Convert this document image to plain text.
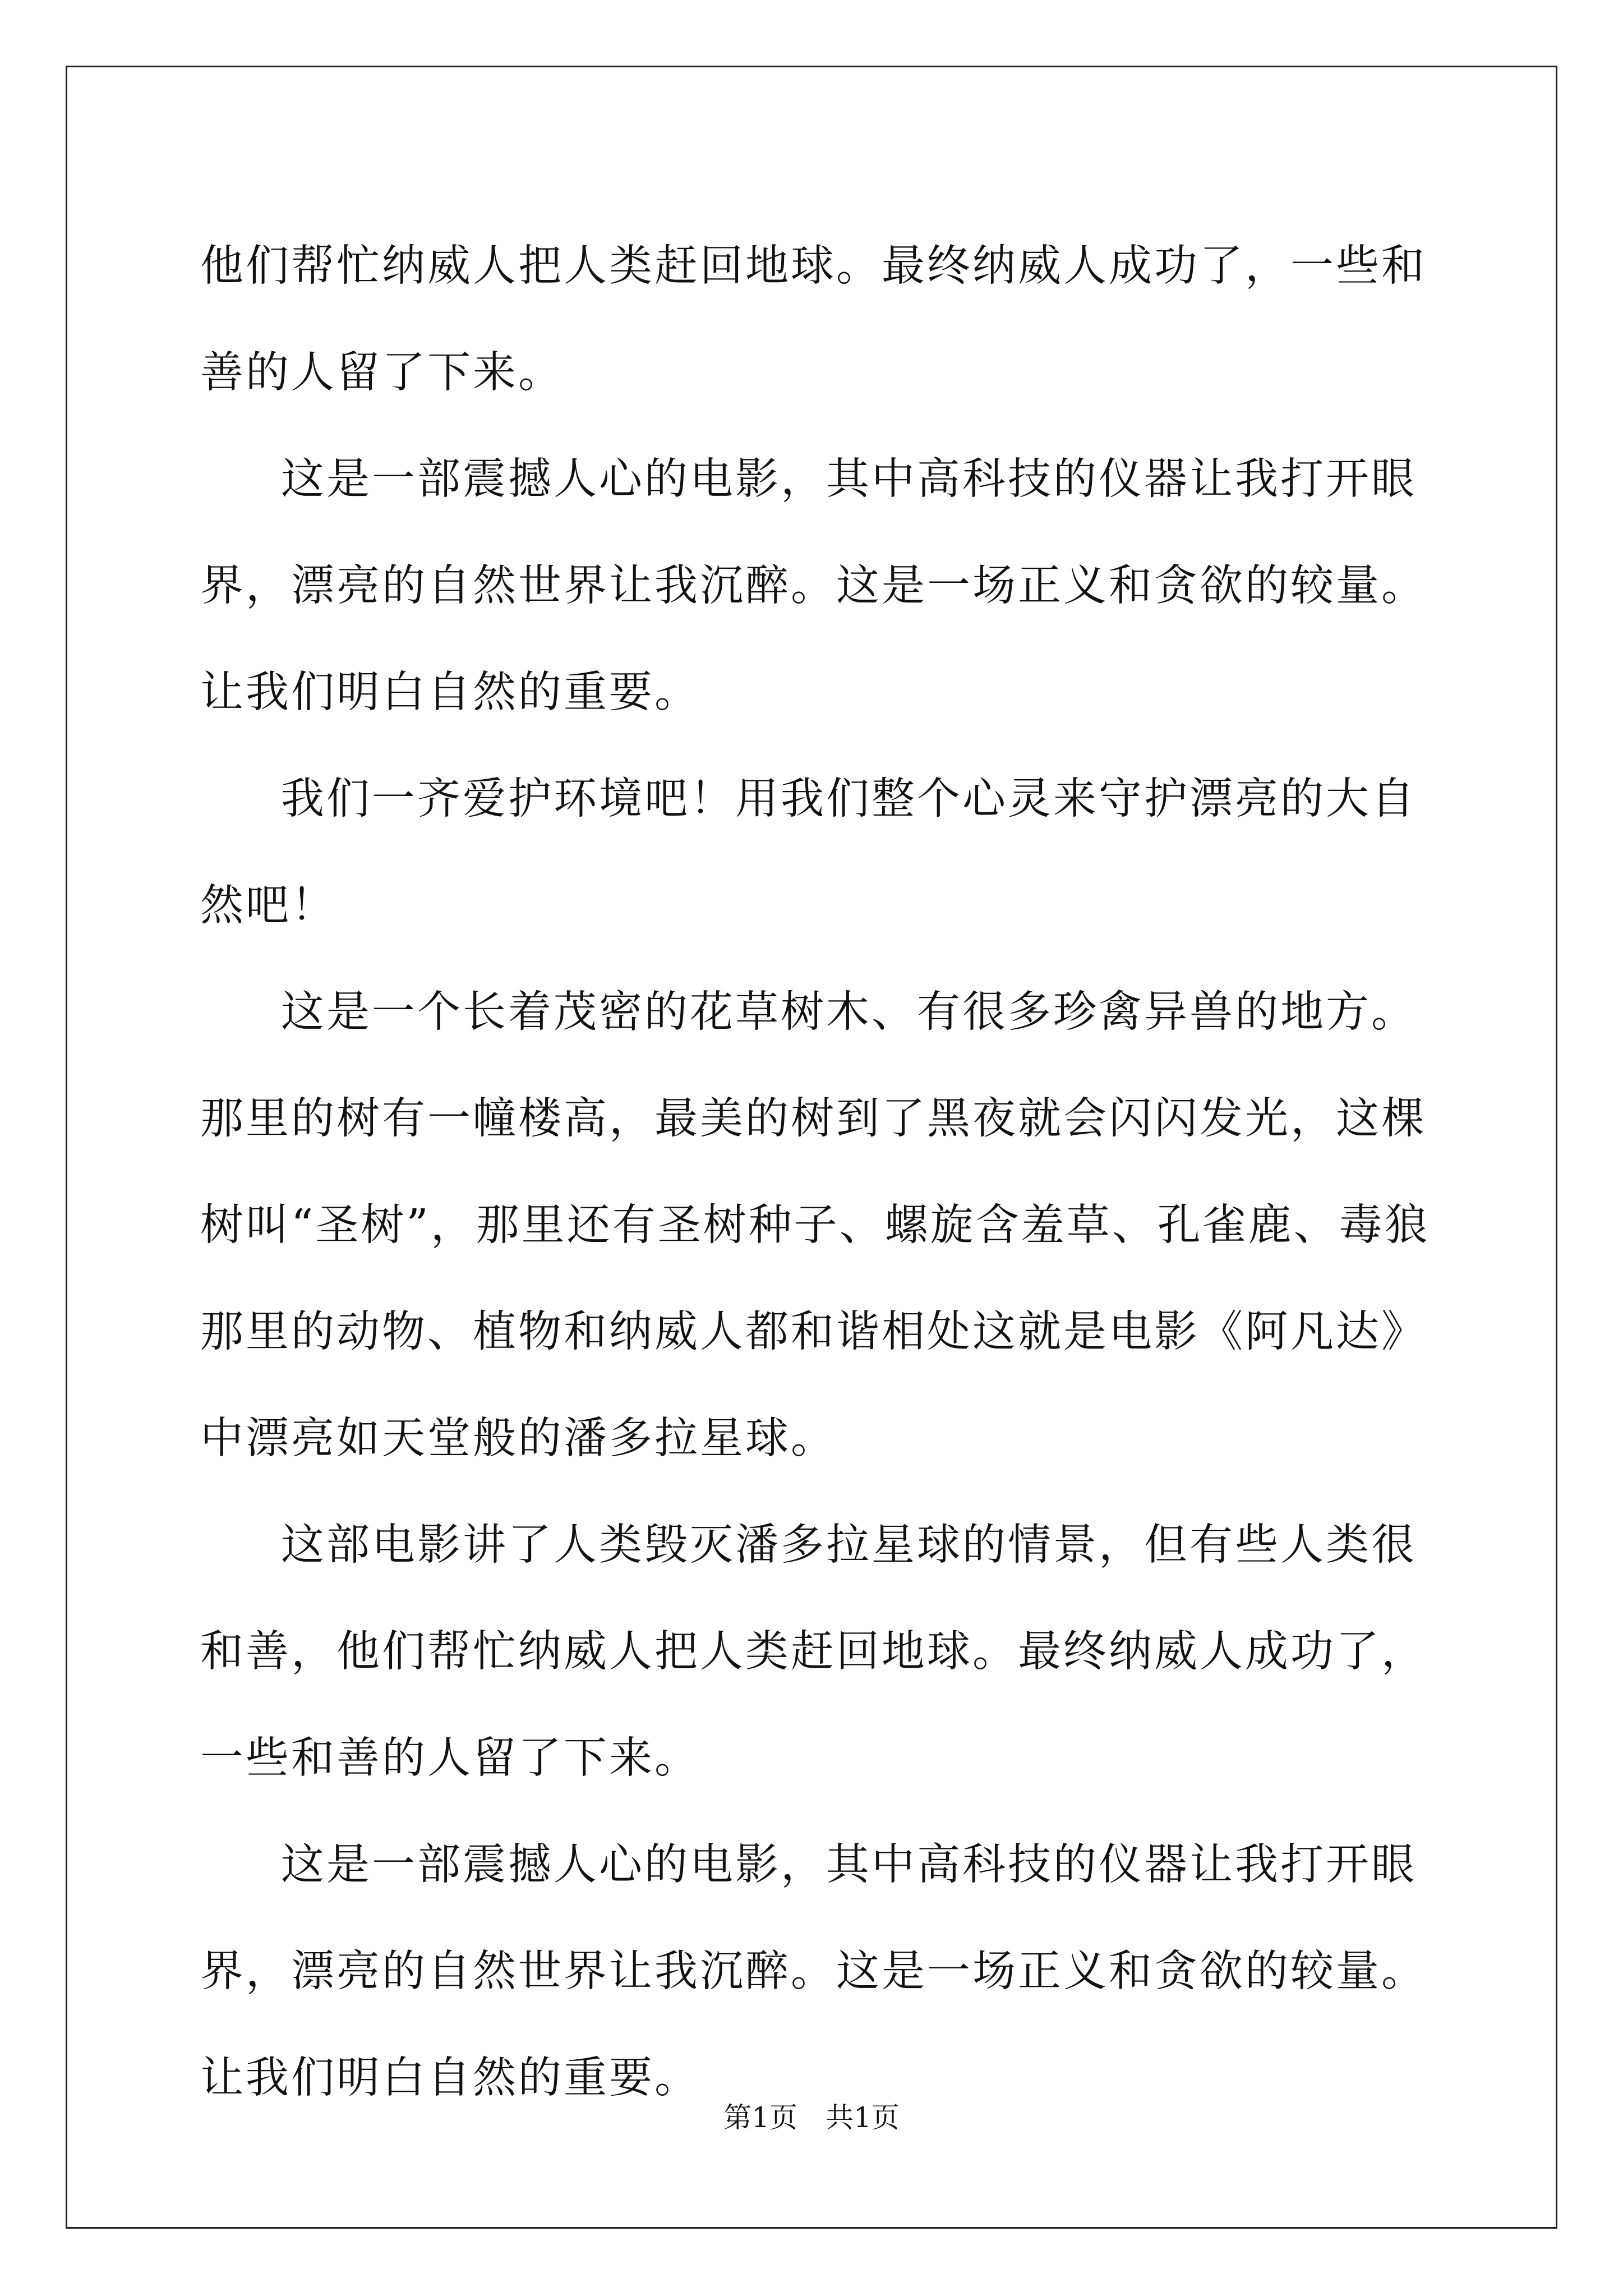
他们帮忙纳威人把人类赶回地球。最终纳威人成功了，一些和善的人留了下来。

这是一部震撼人心的电影，其中高科技的仪器让我打开眼界，漂亮的自然世界让我沉醉。这是一场正义和贪欲的较量。让我们明白自然的重要。

我们一齐爱护环境吧！用我们整个心灵来守护漂亮的大自然吧！

这是一个长着茂密的花草树木、有很多珍禽异兽的地方。那里的树有一幢楼高，最美的树到了黑夜就会闪闪发光，这棵树叫“圣树”，那里还有圣树种子、螺旋含羞草、孔雀鹿、毒狼那里的动物、植物和纳威人都和谐相处这就是电影《阿凡达》中漂亮如天堂般的潘多拉星球。

这部电影讲了人类毁灭潘多拉星球的情景，但有些人类很和善，他们帮忙纳威人把人类赶回地球。最终纳威人成功了，一些和善的人留了下来。

这是一部震撼人心的电影，其中高科技的仪器让我打开眼界，漂亮的自然世界让我沉醉。这是一场正义和贪欲的较量。让我们明白自然的重要。

第1页 共1页
